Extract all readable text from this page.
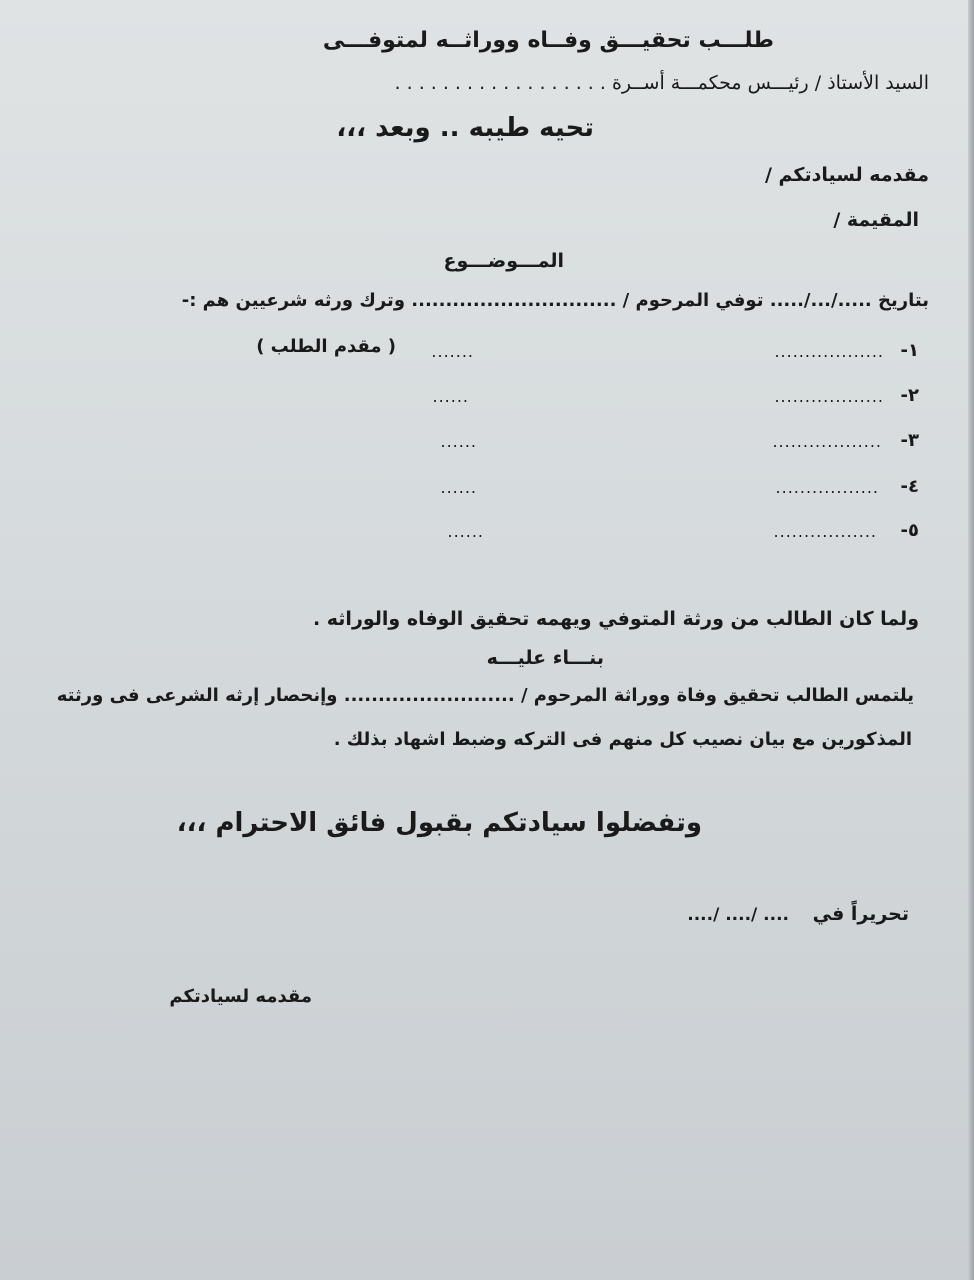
طلـــب تحقيـــق وفــاه ووراثــه لمتوفـــى
السيد الأستاذ / رئيـــس محكمـــة أســرة . . . . . . . . . . . . . . . . . .
تحيه طيبه .. وبعد ،،،
مقدمه لسيادتكم /
المقيمة /
المـــوضـــوع
بتاريخ ...../.../..... توفي المرحوم / .............................. وترك ورثه شرعيين هم :-
١-
..................
.......
( مقدم الطلب )
٢-
..................
......
٣-
..................
......
٤-
.................
......
٥-
.................
......
ولما كان الطالب من ورثة المتوفي ويهمه تحقيق الوفاه والوراثه .
بنـــاء عليـــه
يلتمس الطالب تحقيق وفاة ووراثة المرحوم / ......................... وإنحصار إرثه الشرعى فى ورثته
المذكورين مع بيان نصيب كل منهم فى التركه وضبط اشهاد بذلك .
وتفضلوا سيادتكم بقبول فائق الاحترام ،،،
تحريراً في
..../ ..../ ....
مقدمه لسيادتكم
